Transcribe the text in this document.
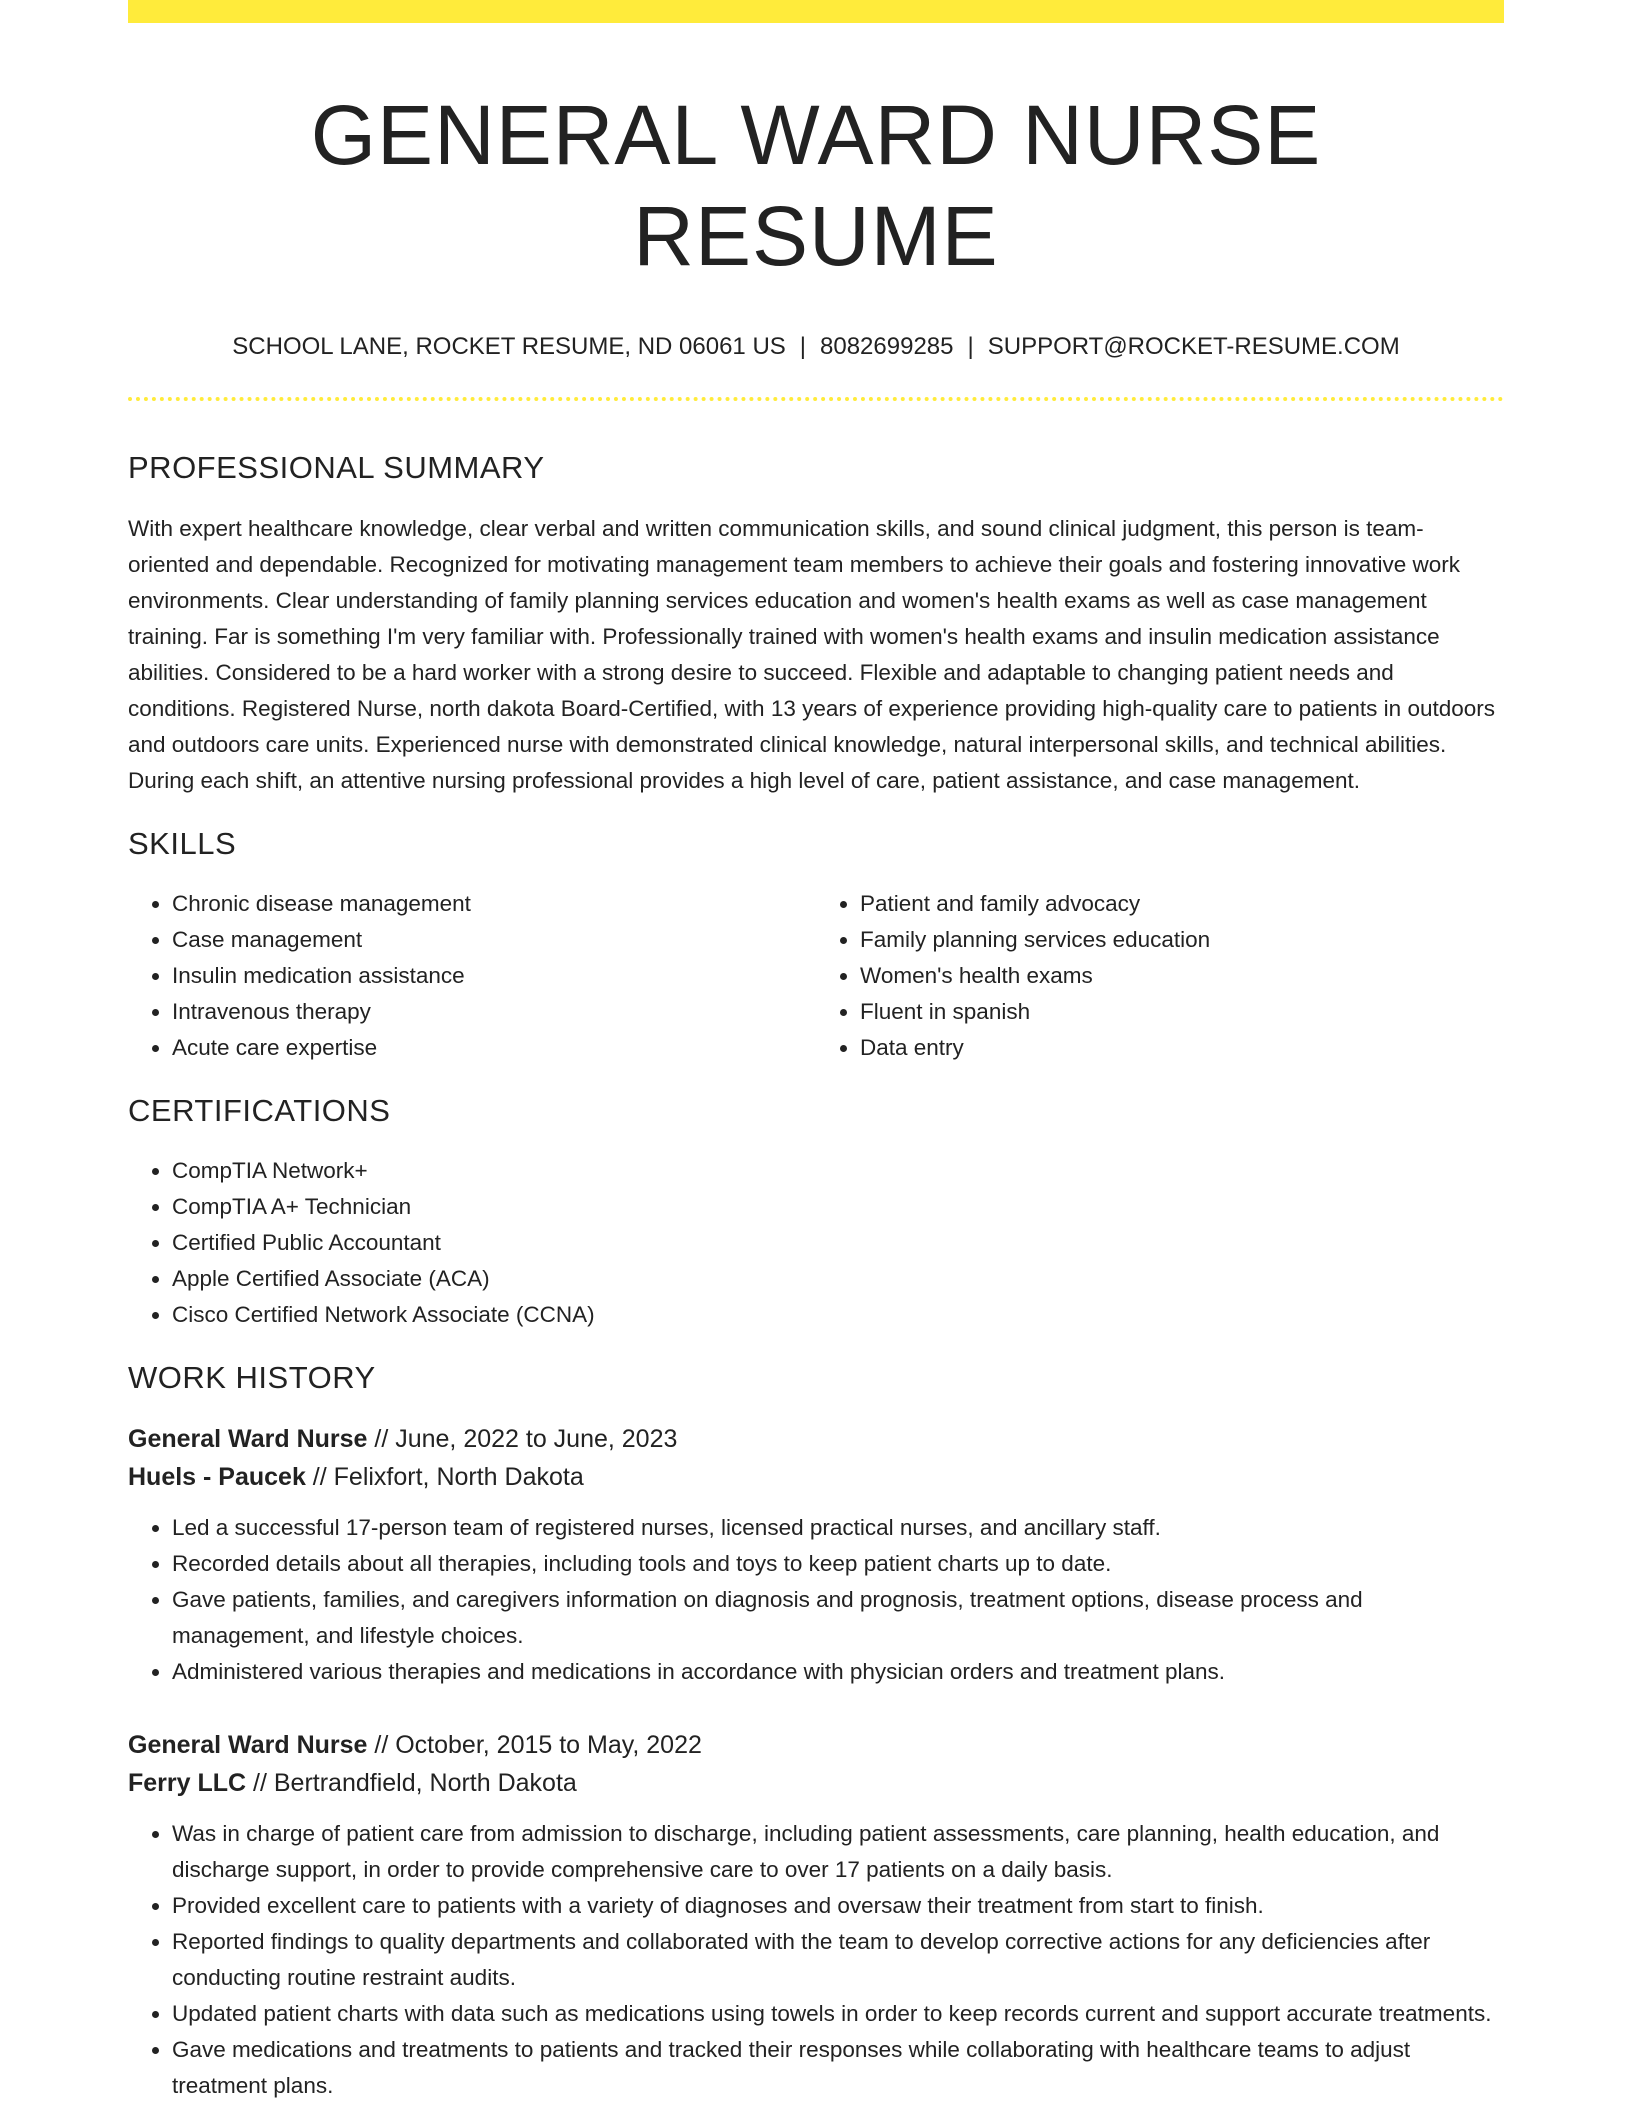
GENERAL WARD NURSE RESUME
SCHOOL LANE, ROCKET RESUME, ND 06061 US | 8082699285 | SUPPORT@ROCKET-RESUME.COM
PROFESSIONAL SUMMARY

With expert healthcare knowledge, clear verbal and written communication skills, and sound clinical judgment, this person is team-oriented and dependable. Recognized for motivating management team members to achieve their goals and fostering innovative work environments. Clear understanding of family planning services education and women's health exams as well as case management training. Far is something I'm very familiar with. Professionally trained with women's health exams and insulin medication assistance abilities. Considered to be a hard worker with a strong desire to succeed. Flexible and adaptable to changing patient needs and conditions. Registered Nurse, north dakota Board-Certified, with 13 years of experience providing high-quality care to patients in outdoors and outdoors care units. Experienced nurse with demonstrated clinical knowledge, natural interpersonal skills, and technical abilities. During each shift, an attentive nursing professional provides a high level of care, patient assistance, and case management.

SKILLS
• Chronic disease management
• Case management
• Insulin medication assistance
• Intravenous therapy
• Acute care expertise
• Patient and family advocacy
• Family planning services education
• Women's health exams
• Fluent in spanish
• Data entry
CERTIFICATIONS
• CompTIA Network+
• CompTIA A+ Technician
• Certified Public Accountant
• Apple Certified Associate (ACA)
• Cisco Certified Network Associate (CCNA)
WORK HISTORY
General Ward Nurse // June, 2022 to June, 2023
Huels - Paucek // Felixfort, North Dakota
• Led a successful 17-person team of registered nurses, licensed practical nurses, and ancillary staff.
• Recorded details about all therapies, including tools and toys to keep patient charts up to date.
• Gave patients, families, and caregivers information on diagnosis and prognosis, treatment options, disease process and management, and lifestyle choices.
• Administered various therapies and medications in accordance with physician orders and treatment plans.
General Ward Nurse // October, 2015 to May, 2022
Ferry LLC // Bertrandfield, North Dakota
• Was in charge of patient care from admission to discharge, including patient assessments, care planning, health education, and discharge support, in order to provide comprehensive care to over 17 patients on a daily basis.
• Provided excellent care to patients with a variety of diagnoses and oversaw their treatment from start to finish.
• Reported findings to quality departments and collaborated with the team to develop corrective actions for any deficiencies after conducting routine restraint audits.
• Updated patient charts with data such as medications using towels in order to keep records current and support accurate treatments.
• Gave medications and treatments to patients and tracked their responses while collaborating with healthcare teams to adjust treatment plans.
